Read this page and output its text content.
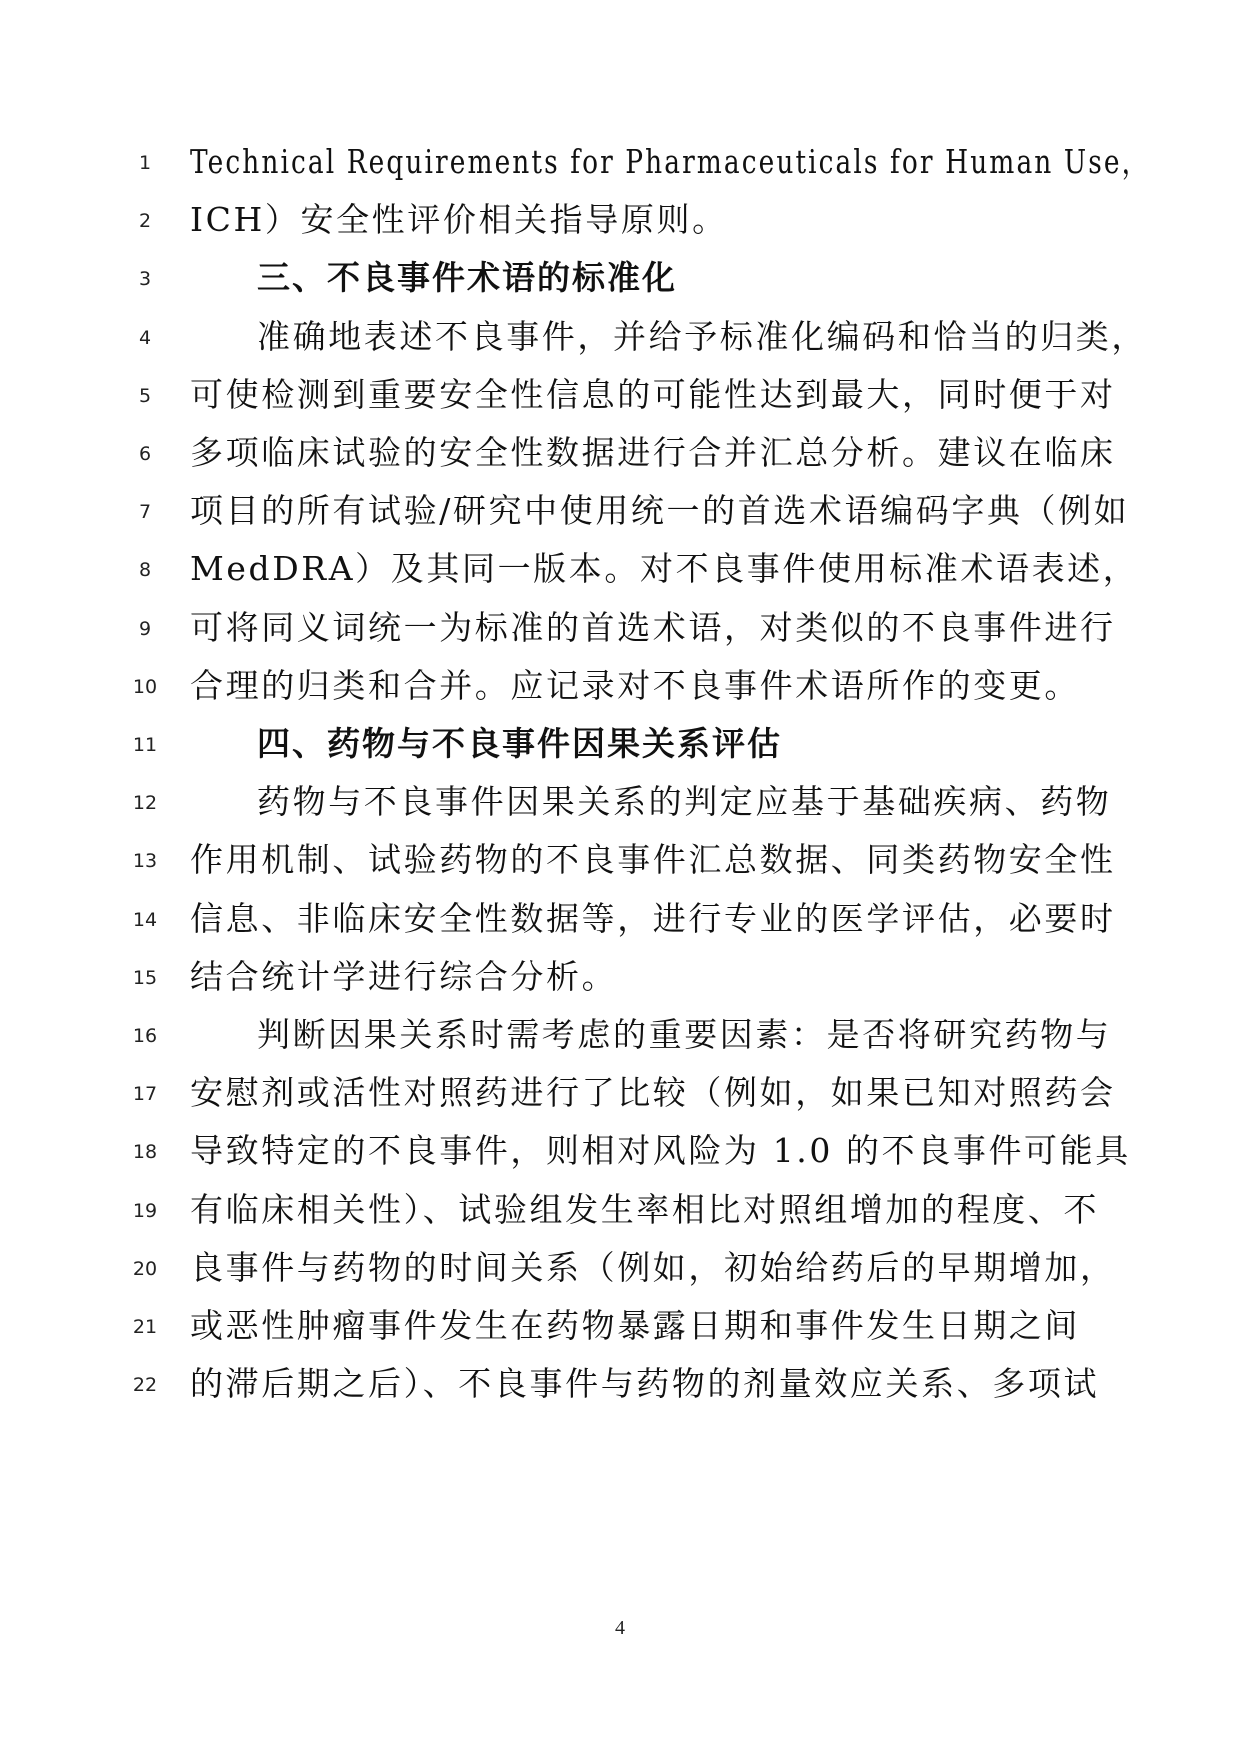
1	Technical Requirements for Pharmaceuticals for Human Use，
2	ICH）安全性评价相关指导原则。
3	三、不良事件术语的标准化
4	准确地表述不良事件，并给予标准化编码和恰当的归类，
5	可使检测到重要安全性信息的可能性达到最大，同时便于对
6	多项临床试验的安全性数据进行合并汇总分析。建议在临床
7	项目的所有试验/研究中使用统一的首选术语编码字典（例如
8	MedDRA）及其同一版本。对不良事件使用标准术语表述，
9	可将同义词统一为标准的首选术语，对类似的不良事件进行
10 合理的归类和合并。应记录对不良事件术语所作的变更。
11	四、药物与不良事件因果关系评估
12	药物与不良事件因果关系的判定应基于基础疾病、药物
13 作用机制、试验药物的不良事件汇总数据、同类药物安全性
14 信息、非临床安全性数据等，进行专业的医学评估，必要时
15 结合统计学进行综合分析。
16	判断因果关系时需考虑的重要因素：是否将研究药物与
17 安慰剂或活性对照药进行了比较（例如，如果已知对照药会
18 导致特定的不良事件，则相对风险为 1.0 的不良事件可能具
19 有临床相关性）、试验组发生率相比对照组增加的程度、不
20 良事件与药物的时间关系（例如，初始给药后的早期增加，
21 或恶性肿瘤事件发生在药物暴露日期和事件发生日期之间
22 的滞后期之后）、不良事件与药物的剂量效应关系、多项试
4
